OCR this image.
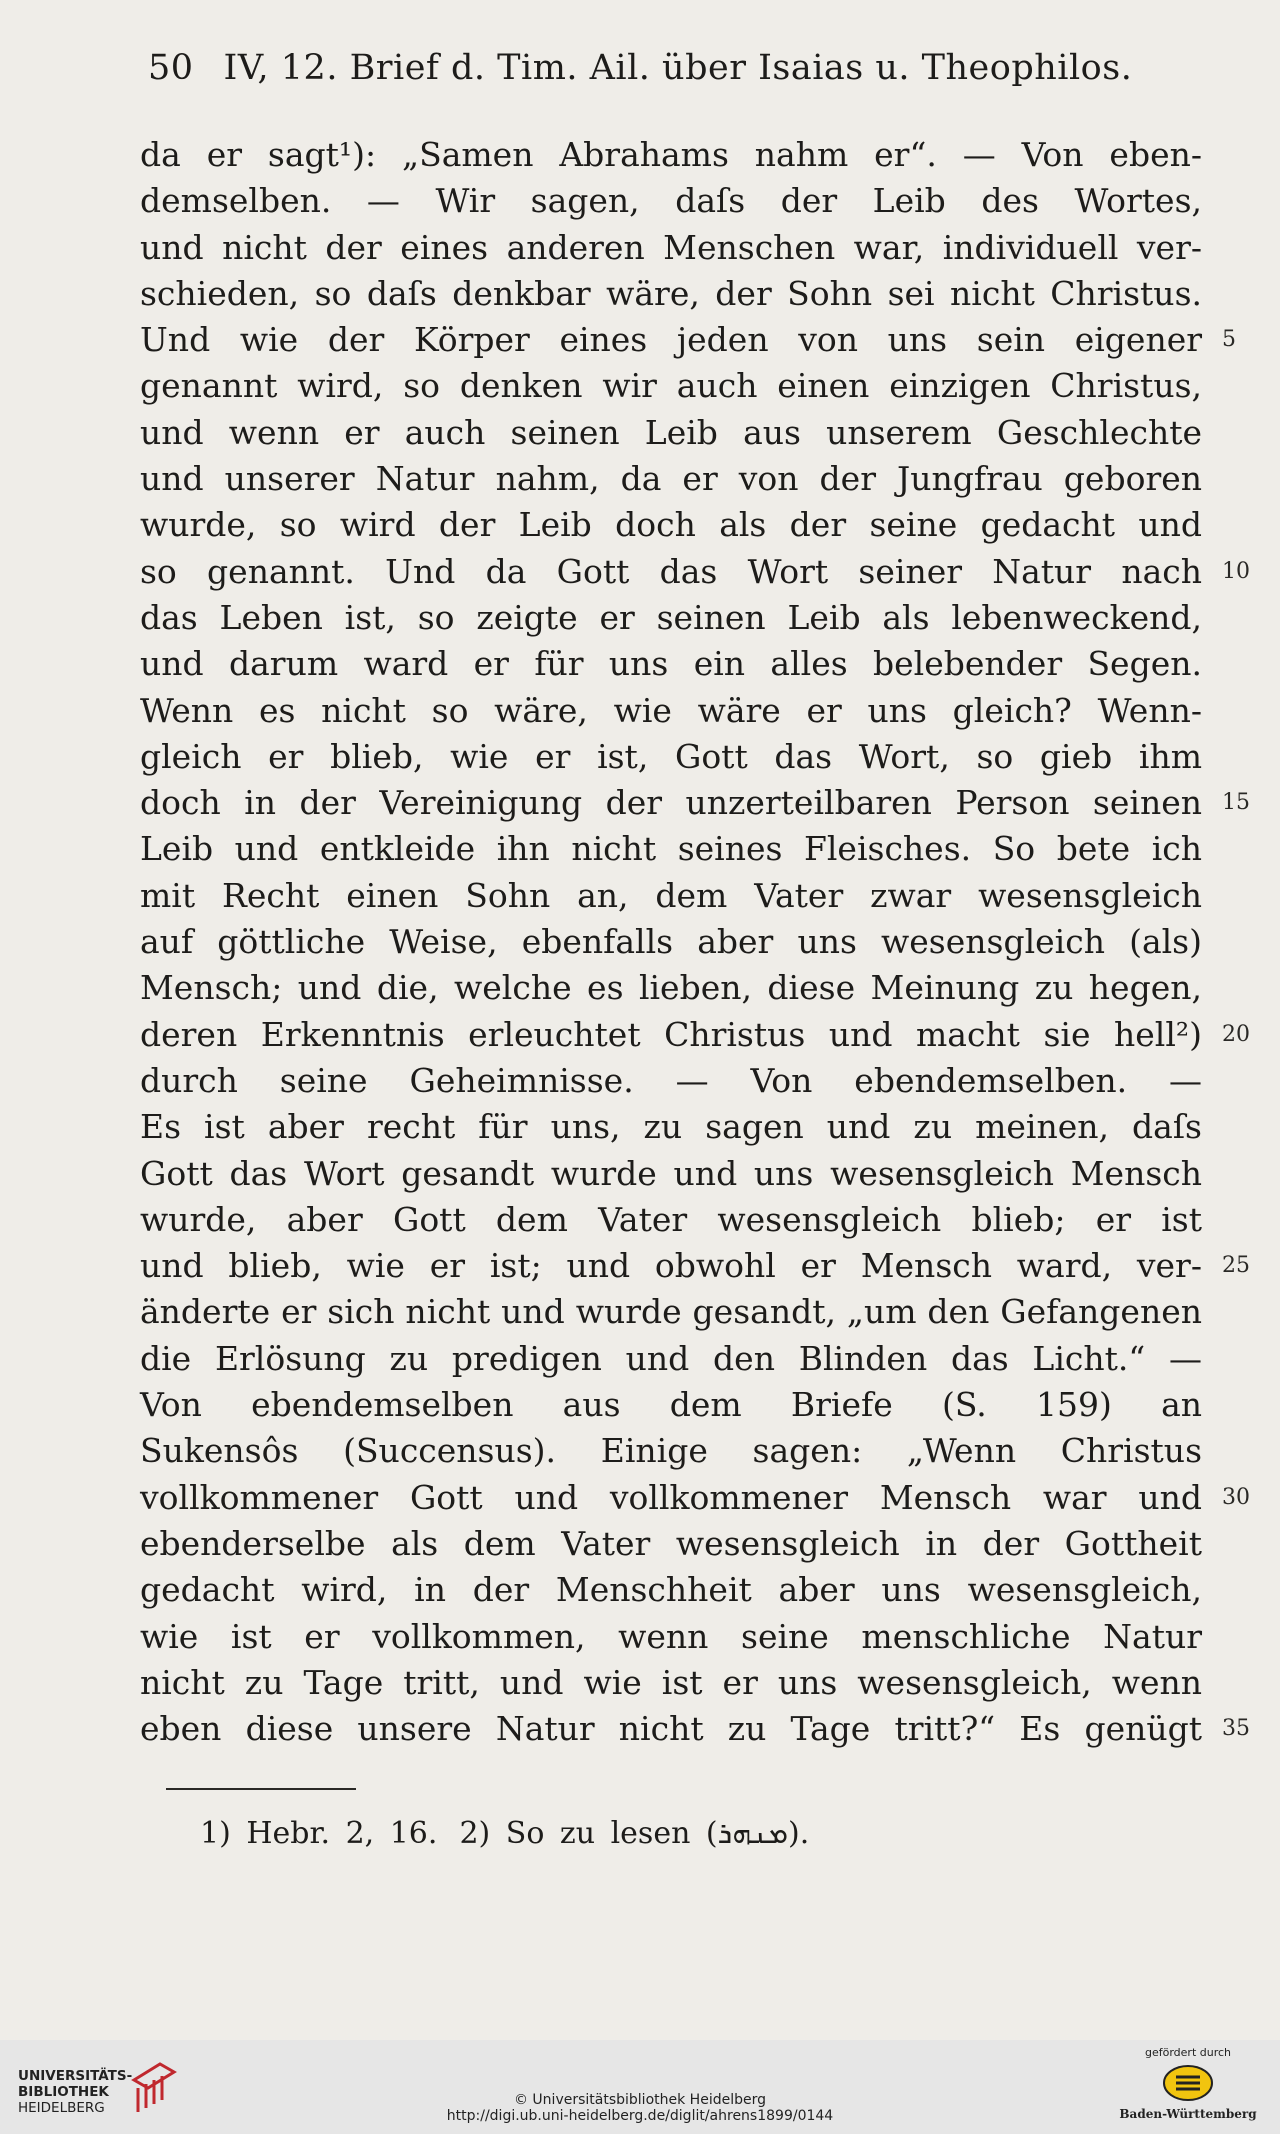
50 IV, 12. Brief d. Tim. Ail. über Isaias u. Theophilos.
da er sagt¹): „Samen Abrahams nahm er“. — Von eben-
demselben. — Wir sagen, daſs der Leib des Wortes,
und nicht der eines anderen Menschen war, individuell ver-
schieden, so daſs denkbar wäre, der Sohn sei nicht Christus.
Und wie der Körper eines jeden von uns sein eigener 5
genannt wird, so denken wir auch einen einzigen Christus,
und wenn er auch seinen Leib aus unserem Geschlechte
und unserer Natur nahm, da er von der Jungfrau geboren
wurde, so wird der Leib doch als der seine gedacht und
so genannt. Und da Gott das Wort seiner Natur nach 10
das Leben ist, so zeigte er seinen Leib als lebenweckend,
und darum ward er für uns ein alles belebender Segen.
Wenn es nicht so wäre, wie wäre er uns gleich? Wenn-
gleich er blieb, wie er ist, Gott das Wort, so gieb ihm
doch in der Vereinigung der unzerteilbaren Person seinen 15
Leib und entkleide ihn nicht seines Fleisches. So bete ich
mit Recht einen Sohn an, dem Vater zwar wesensgleich
auf göttliche Weise, ebenfalls aber uns wesensgleich (als)
Mensch; und die, welche es lieben, diese Meinung zu hegen,
deren Erkenntnis erleuchtet Christus und macht sie hell²) 20
durch seine Geheimnisse. — Von ebendemselben. —
Es ist aber recht für uns, zu sagen und zu meinen, daſs
Gott das Wort gesandt wurde und uns wesensgleich Mensch
wurde, aber Gott dem Vater wesensgleich blieb; er ist
und blieb, wie er ist; und obwohl er Mensch ward, ver- 25
änderte er sich nicht und wurde gesandt, „um den Gefangenen
die Erlösung zu predigen und den Blinden das Licht.“ —
Von ebendemselben aus dem Briefe (S. 159) an
Sukensôs (Succensus). Einige sagen: „Wenn Christus
vollkommener Gott und vollkommener Mensch war und 30
ebenderselbe als dem Vater wesensgleich in der Gottheit
gedacht wird, in der Menschheit aber uns wesensgleich,
wie ist er vollkommen, wenn seine menschliche Natur
nicht zu Tage tritt, und wie ist er uns wesensgleich, wenn
eben diese unsere Natur nicht zu Tage tritt?“ Es genügt 35
1) Hebr. 2, 16. 2) So zu lesen (ܡܢܗܪ).
UNIVERSITÄTS-
BIBLIOTHEK
HEIDELBERG	© Universitätsbibliothek Heidelberg
http://digi.ub.uni-heidelberg.de/diglit/ahrens1899/0144
gefördert durch
Baden-Württemberg
